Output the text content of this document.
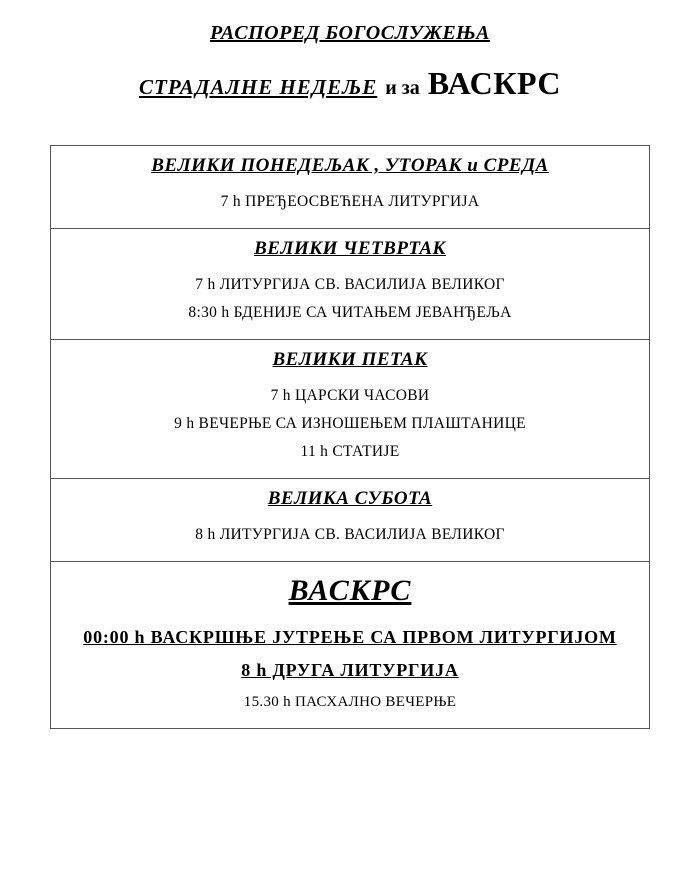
РАСПОРЕД БОГОСЛУЖЕЊА
СТРАДАЛНЕ НЕДЕЉЕ и за ВАСКРС
ВЕЛИКИ ПОНЕДЕЉАК , УТОРАК и СРЕДА
7 h ПРЕЂЕОСВЕЋЕНА ЛИТУРГИЈА
ВЕЛИКИ ЧЕТВРТАК
7 h ЛИТУРГИЈА СВ. ВАСИЛИЈА ВЕЛИКОГ
8:30 h БДЕНИЈЕ СА ЧИТАЊЕМ ЈЕВАНЂЕЉА
ВЕЛИКИ ПЕТАК
7 h ЦАРСКИ ЧАСОВИ
9 h ВЕЧЕРЊЕ СА ИЗНОШЕЊЕМ ПЛАШТАНИЦЕ
11 h СТАТИЈЕ
ВЕЛИКА СУБОТА
8 h ЛИТУРГИЈА СВ. ВАСИЛИЈА ВЕЛИКОГ
ВАСКРС
00:00 h ВАСКРШЊЕ ЈУТРЕЊЕ СА ПРВОМ ЛИТУРГИЈОМ
8 h ДРУГА ЛИТУРГИЈА
15.30 h ПАСХАЛНО ВЕЧЕРЊЕ
